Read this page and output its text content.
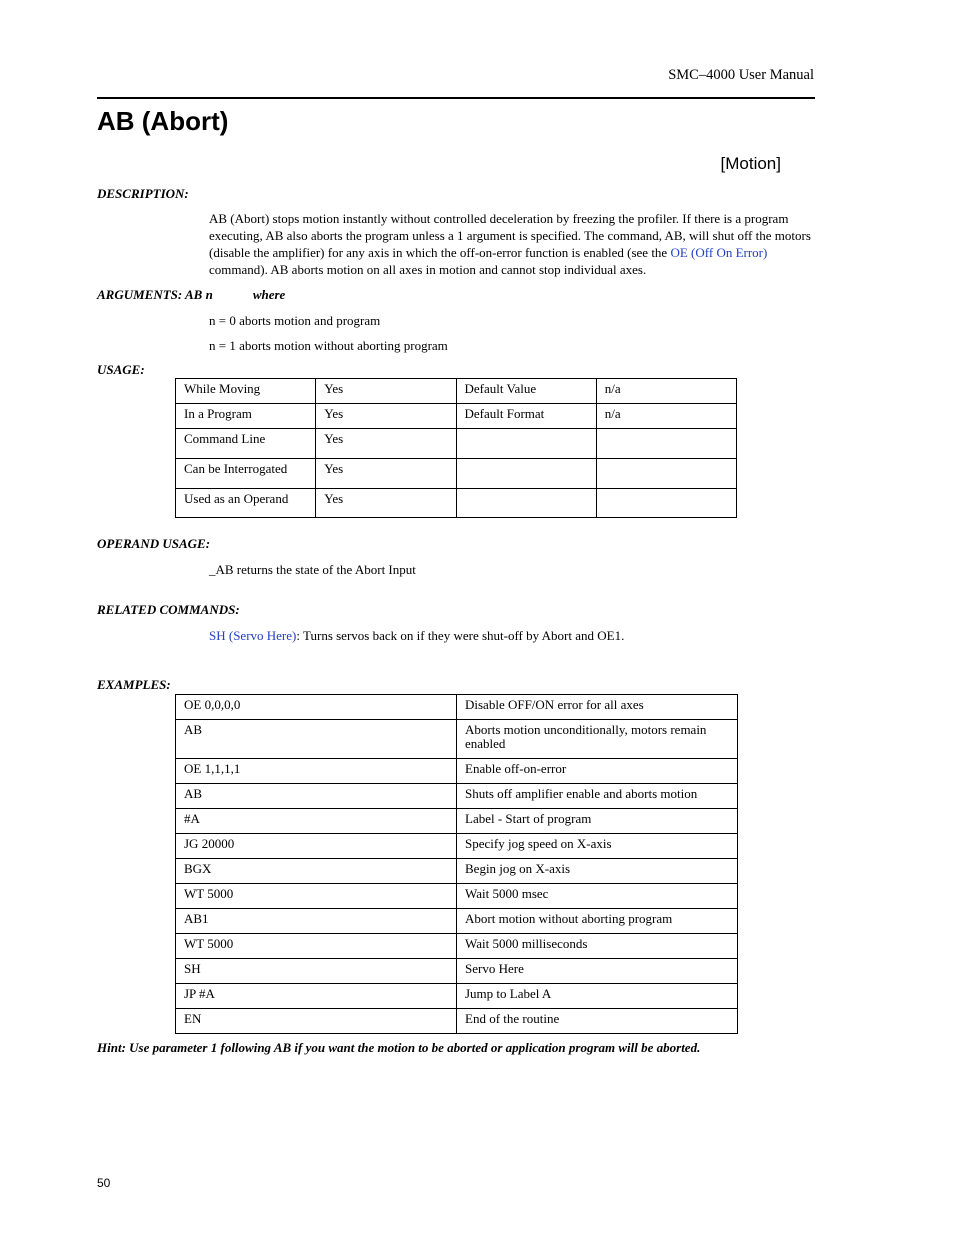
SMC–4000 User Manual
AB (Abort)
[Motion]
DESCRIPTION:
AB (Abort) stops motion instantly without controlled deceleration by freezing the profiler. If there is a program executing, AB also aborts the program unless a 1 argument is specified. The command, AB, will shut off the motors (disable the amplifier) for any axis in which the off-on-error function is enabled (see the OE (Off On Error) command). AB aborts motion on all axes in motion and cannot stop individual axes.
ARGUMENTS: AB n	where
n = 0 aborts motion and program
n = 1 aborts motion without aborting program
USAGE:
While Moving	Yes	Default Value	n/a
In a Program	Yes	Default Format	n/a
Command Line	Yes		
Can be Interrogated	Yes		
Used as an Operand	Yes		
OPERAND USAGE:
_AB returns the state of the Abort Input
RELATED COMMANDS:
SH (Servo Here): Turns servos back on if they were shut-off by Abort and OE1.
EXAMPLES:
OE 0,0,0,0	Disable OFF/ON error for all axes
AB	Aborts motion unconditionally, motors remain enabled
OE 1,1,1,1	Enable off-on-error
AB	Shuts off amplifier enable and aborts motion
#A	Label - Start of program
JG 20000	Specify jog speed on X-axis
BGX	Begin jog on X-axis
WT 5000	Wait 5000 msec
AB1	Abort motion without aborting program
WT 5000	Wait 5000 milliseconds
SH	Servo Here
JP #A	Jump to Label A
EN	End of the routine
Hint: Use parameter 1 following AB if you want the motion to be aborted or application program will be aborted.
50
